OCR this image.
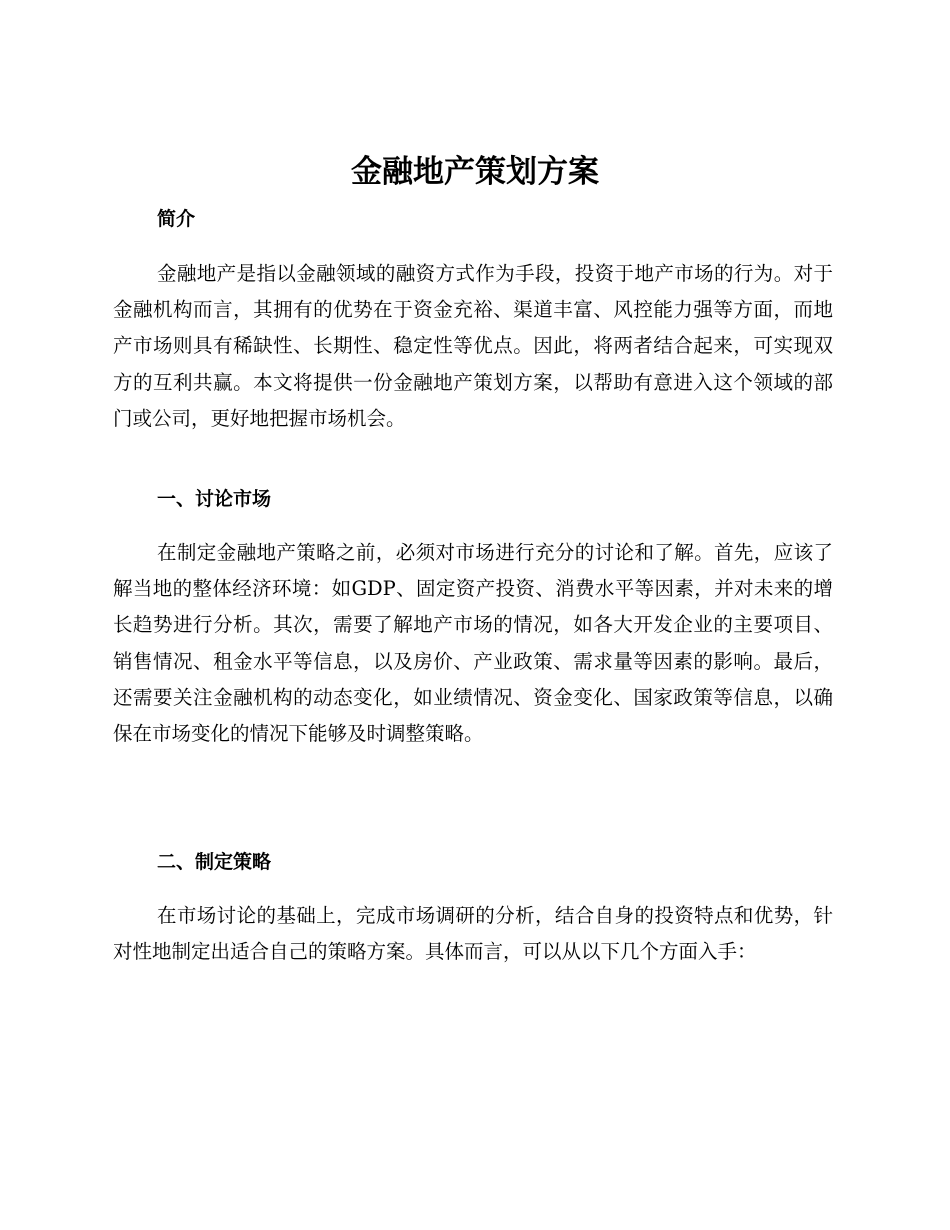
金融地产策划方案
简介

金融地产是指以金融领域的融资方式作为手段，投资于地产市场的行为。对于金融机构而言，其拥有的优势在于资金充裕、渠道丰富、风控能力强等方面，而地产市场则具有稀缺性、长期性、稳定性等优点。因此，将两者结合起来，可实现双方的互利共赢。本文将提供一份金融地产策划方案，以帮助有意进入这个领域的部门或公司，更好地把握市场机会。

一、讨论市场

在制定金融地产策略之前，必须对市场进行充分的讨论和了解。首先，应该了解当地的整体经济环境：如GDP、固定资产投资、消费水平等因素，并对未来的增长趋势进行分析。其次，需要了解地产市场的情况，如各大开发企业的主要项目、销售情况、租金水平等信息，以及房价、产业政策、需求量等因素的影响。最后，还需要关注金融机构的动态变化，如业绩情况、资金变化、国家政策等信息，以确保在市场变化的情况下能够及时调整策略。

二、制定策略

在市场讨论的基础上，完成市场调研的分析，结合自身的投资特点和优势，针对性地制定出适合自己的策略方案。具体而言，可以从以下几个方面入手：
